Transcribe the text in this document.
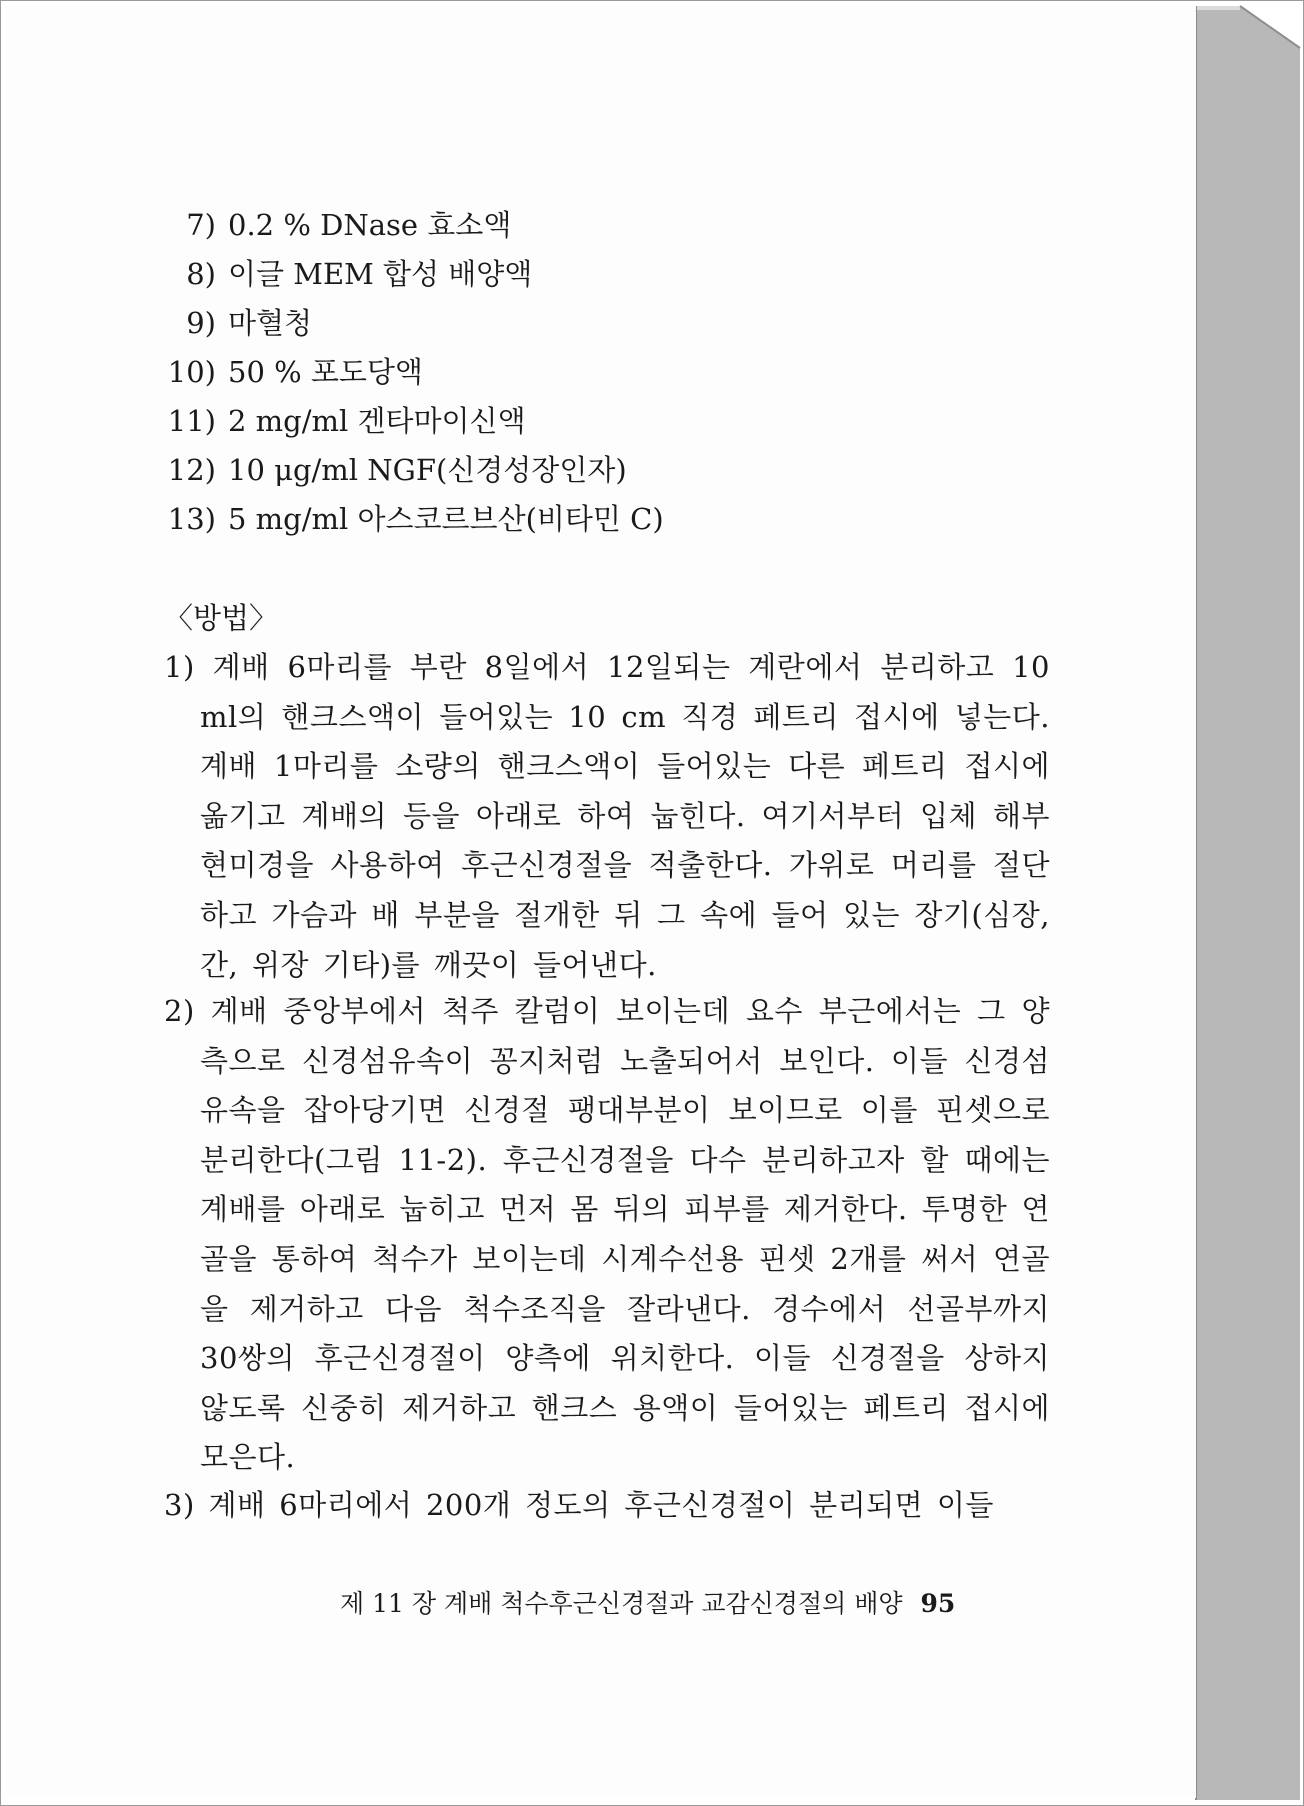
7) 0.2 % DNase 효소액
8) 이글 MEM 합성 배양액
9) 마혈청
10) 50 % 포도당액
11) 2 mg/ml 겐타마이신액
12) 10 μg/ml NGF(신경성장인자)
13) 5 mg/ml 아스코르브산(비타민 C)
〈방법〉
1) 계배 6마리를 부란 8일에서 12일되는 계란에서 분리하고 10 ml의 핸크스액이 들어있는 10 cm 직경 페트리 접시에 넣는다. 계배 1마리를 소량의 핸크스액이 들어있는 다른 페트리 접시에 옮기고 계배의 등을 아래로 하여 눕힌다. 여기서부터 입체 해부현미경을 사용하여 후근신경절을 적출한다. 가위로 머리를 절단하고 가슴과 배 부분을 절개한 뒤 그 속에 들어 있는 장기(심장, 간, 위장 기타)를 깨끗이 들어낸다.
2) 계배 중앙부에서 척주 칼럼이 보이는데 요수 부근에서는 그 양측으로 신경섬유속이 꽁지처럼 노출되어서 보인다. 이들 신경섬유속을 잡아당기면 신경절 팽대부분이 보이므로 이를 핀셋으로 분리한다(그림 11-2). 후근신경절을 다수 분리하고자 할 때에는 계배를 아래로 눕히고 먼저 몸 뒤의 피부를 제거한다. 투명한 연골을 통하여 척수가 보이는데 시계수선용 핀셋 2개를 써서 연골을 제거하고 다음 척수조직을 잘라낸다. 경수에서 선골부까지 30쌍의 후근신경절이 양측에 위치한다. 이들 신경절을 상하지 않도록 신중히 제거하고 핸크스 용액이 들어있는 페트리 접시에 모은다.
3) 계배 6마리에서 200개 정도의 후근신경절이 분리되면 이들
제 11 장 계배 척수후근신경절과 교감신경절의 배양 95
